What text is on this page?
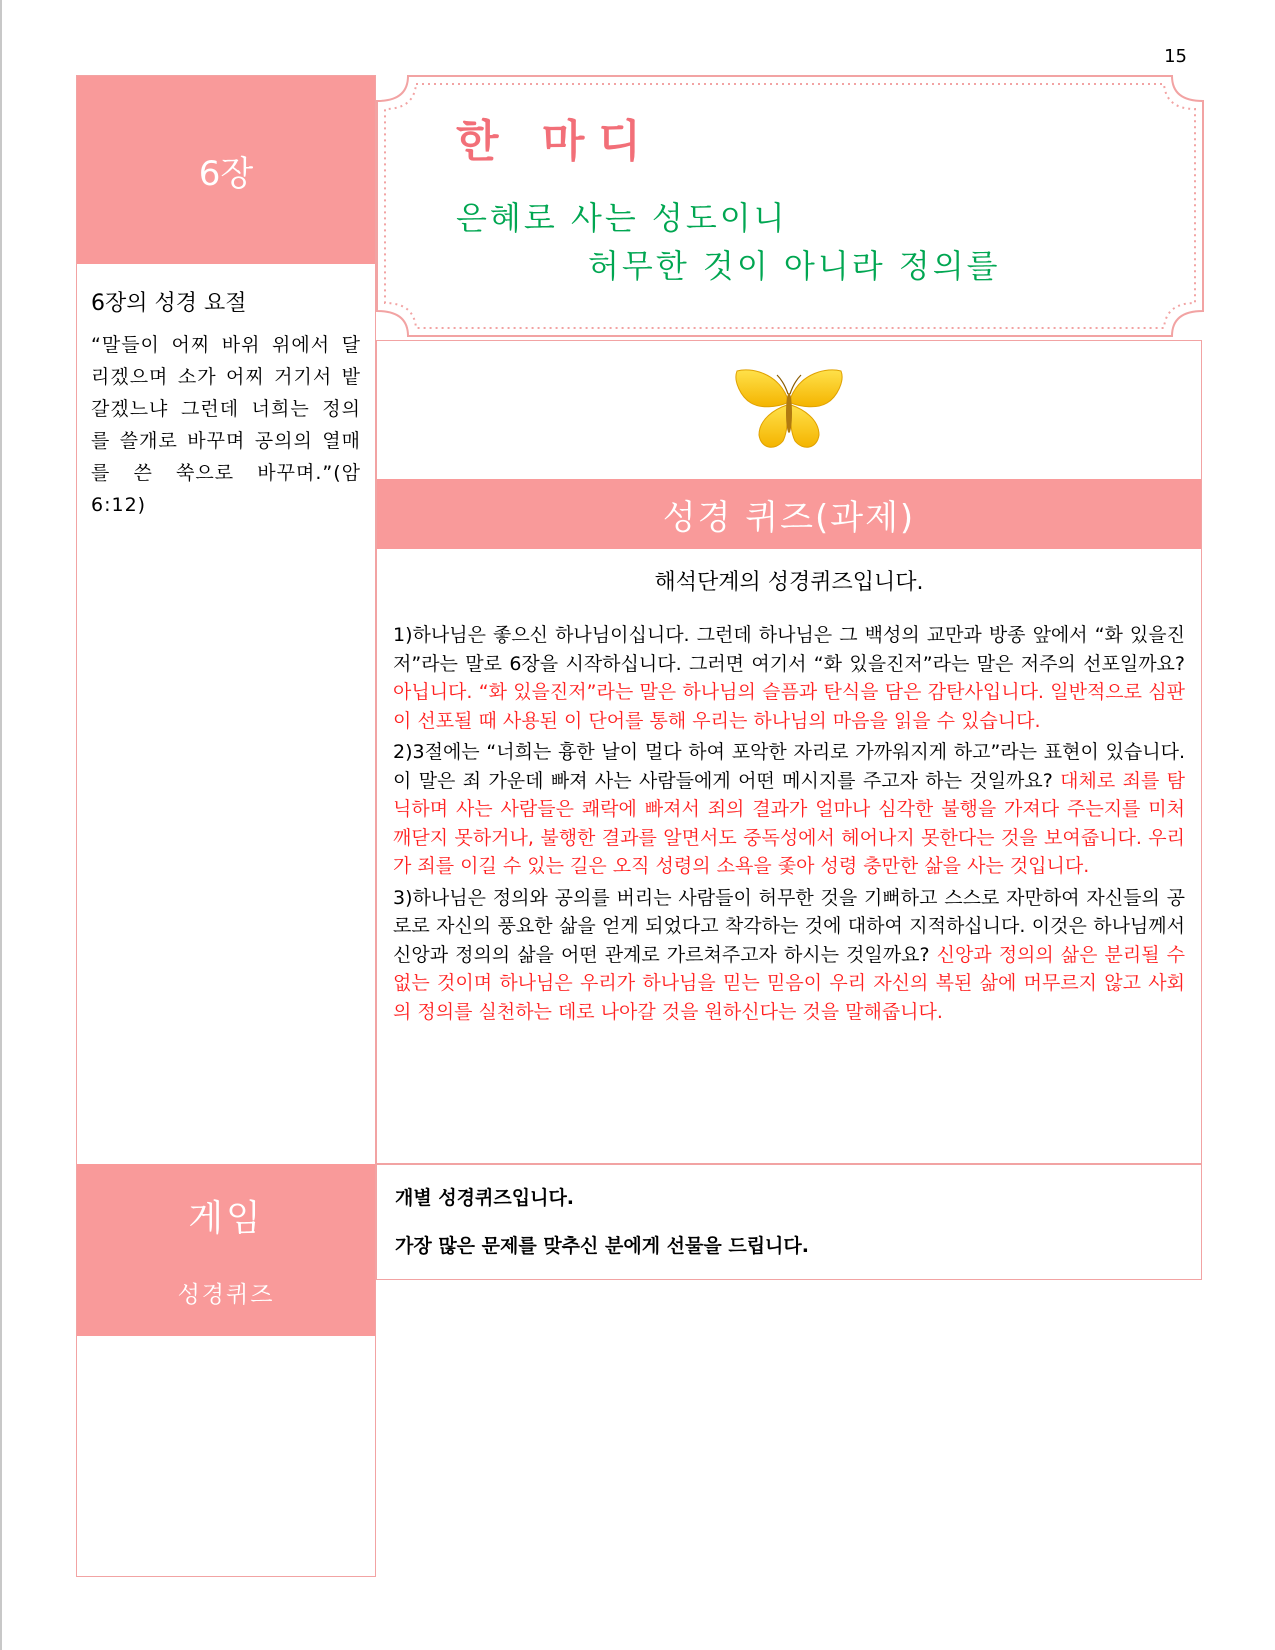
15
6장

6장의 성경 요절

“말들이 어찌 바위 위에서 달리겠으며 소가 어찌 거기서 밭 갈겠느냐 그런데 너희는 정의를 쓸개로 바꾸며 공의의 열매를 쓴 쑥으로 바꾸며.”(암 6:12)

게임
성경퀴즈
한 마디
은혜로 사는 성도이니
허무한 것이 아니라 정의를
성경 퀴즈(과제)
해석단계의 성경퀴즈입니다.

1)하나님은 좋으신 하나님이십니다. 그런데 하나님은 그 백성의 교만과 방종 앞에서 “화 있을진저”라는 말로 6장을 시작하십니다. 그러면 여기서 “화 있을진저”라는 말은 저주의 선포일까요? 아닙니다. “화 있을진저”라는 말은 하나님의 슬픔과 탄식을 담은 감탄사입니다. 일반적으로 심판이 선포될 때 사용된 이 단어를 통해 우리는 하나님의 마음을 읽을 수 있습니다.

2)3절에는 “너희는 흉한 날이 멀다 하여 포악한 자리로 가까워지게 하고”라는 표현이 있습니다. 이 말은 죄 가운데 빠져 사는 사람들에게 어떤 메시지를 주고자 하는 것일까요? 대체로 죄를 탐닉하며 사는 사람들은 쾌락에 빠져서 죄의 결과가 얼마나 심각한 불행을 가져다 주는지를 미처 깨닫지 못하거나, 불행한 결과를 알면서도 중독성에서 헤어나지 못한다는 것을 보여줍니다. 우리가 죄를 이길 수 있는 길은 오직 성령의 소욕을 좇아 성령 충만한 삶을 사는 것입니다.

3)하나님은 정의와 공의를 버리는 사람들이 허무한 것을 기뻐하고 스스로 자만하여 자신들의 공로로 자신의 풍요한 삶을 얻게 되었다고 착각하는 것에 대하여 지적하십니다. 이것은 하나님께서 신앙과 정의의 삶을 어떤 관계로 가르쳐주고자 하시는 것일까요? 신앙과 정의의 삶은 분리될 수 없는 것이며 하나님은 우리가 하나님을 믿는 믿음이 우리 자신의 복된 삶에 머무르지 않고 사회의 정의를 실천하는 데로 나아갈 것을 원하신다는 것을 말해줍니다.

개별 성경퀴즈입니다.
가장 많은 문제를 맞추신 분에게 선물을 드립니다.
